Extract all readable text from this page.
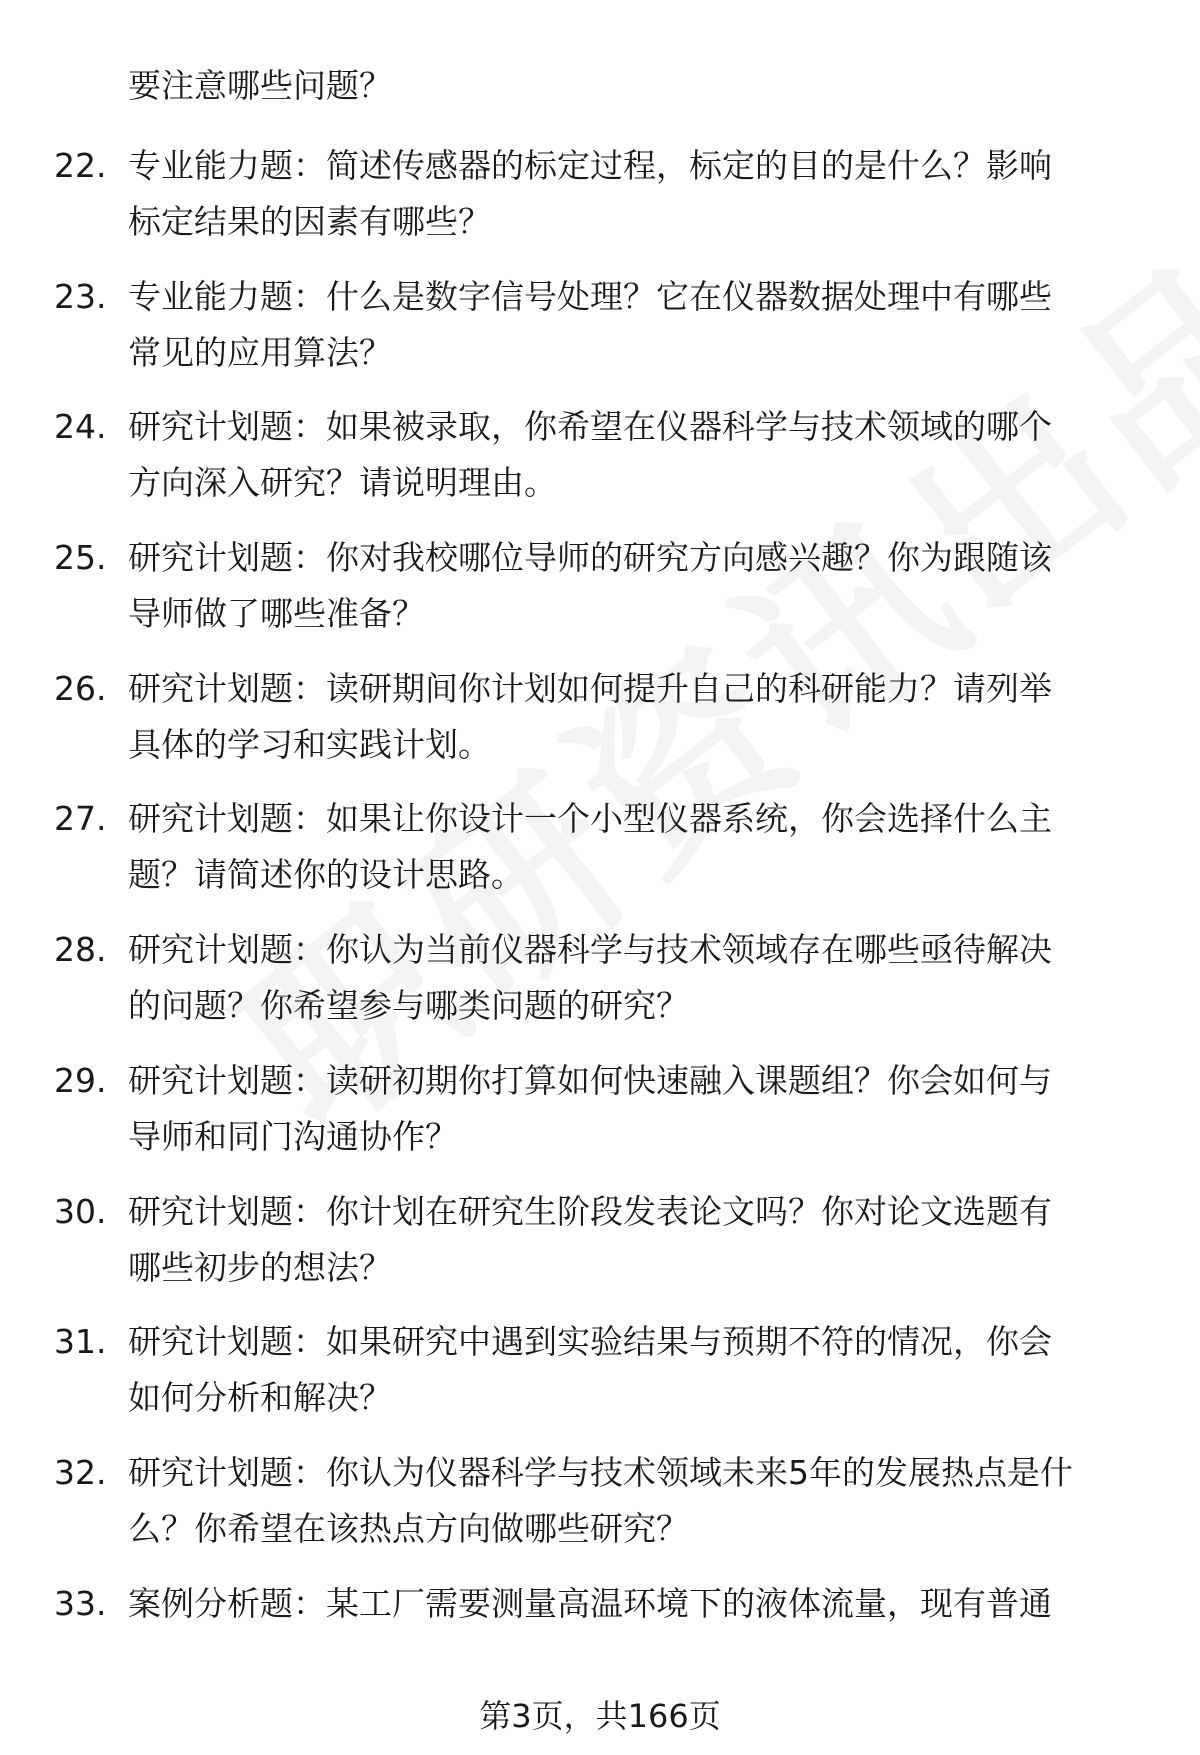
要注意哪些问题？
22. 专业能力题：简述传感器的标定过程，标定的目的是什么？影响
标定结果的因素有哪些？
23. 专业能力题：什么是数字信号处理？它在仪器数据处理中有哪些
常见的应用算法？
24. 研究计划题：如果被录取，你希望在仪器科学与技术领域的哪个
方向深入研究？请说明理由。
25. 研究计划题：你对我校哪位导师的研究方向感兴趣？你为跟随该
导师做了哪些准备？
26. 研究计划题：读研期间你计划如何提升自己的科研能力？请列举
具体的学习和实践计划。
27. 研究计划题：如果让你设计一个小型仪器系统，你会选择什么主
题？请简述你的设计思路。
28. 研究计划题：你认为当前仪器科学与技术领域存在哪些亟待解决
的问题？你希望参与哪类问题的研究？
29. 研究计划题：读研初期你打算如何快速融入课题组？你会如何与
导师和同门沟通协作？
30. 研究计划题：你计划在研究生阶段发表论文吗？你对论文选题有
哪些初步的想法？
31. 研究计划题：如果研究中遇到实验结果与预期不符的情况，你会
如何分析和解决？
32. 研究计划题：你认为仪器科学与技术领域未来5年的发展热点是什
么？你希望在该热点方向做哪些研究？
33. 案例分析题：某工厂需要测量高温环境下的液体流量，现有普通
第3页，共166页
